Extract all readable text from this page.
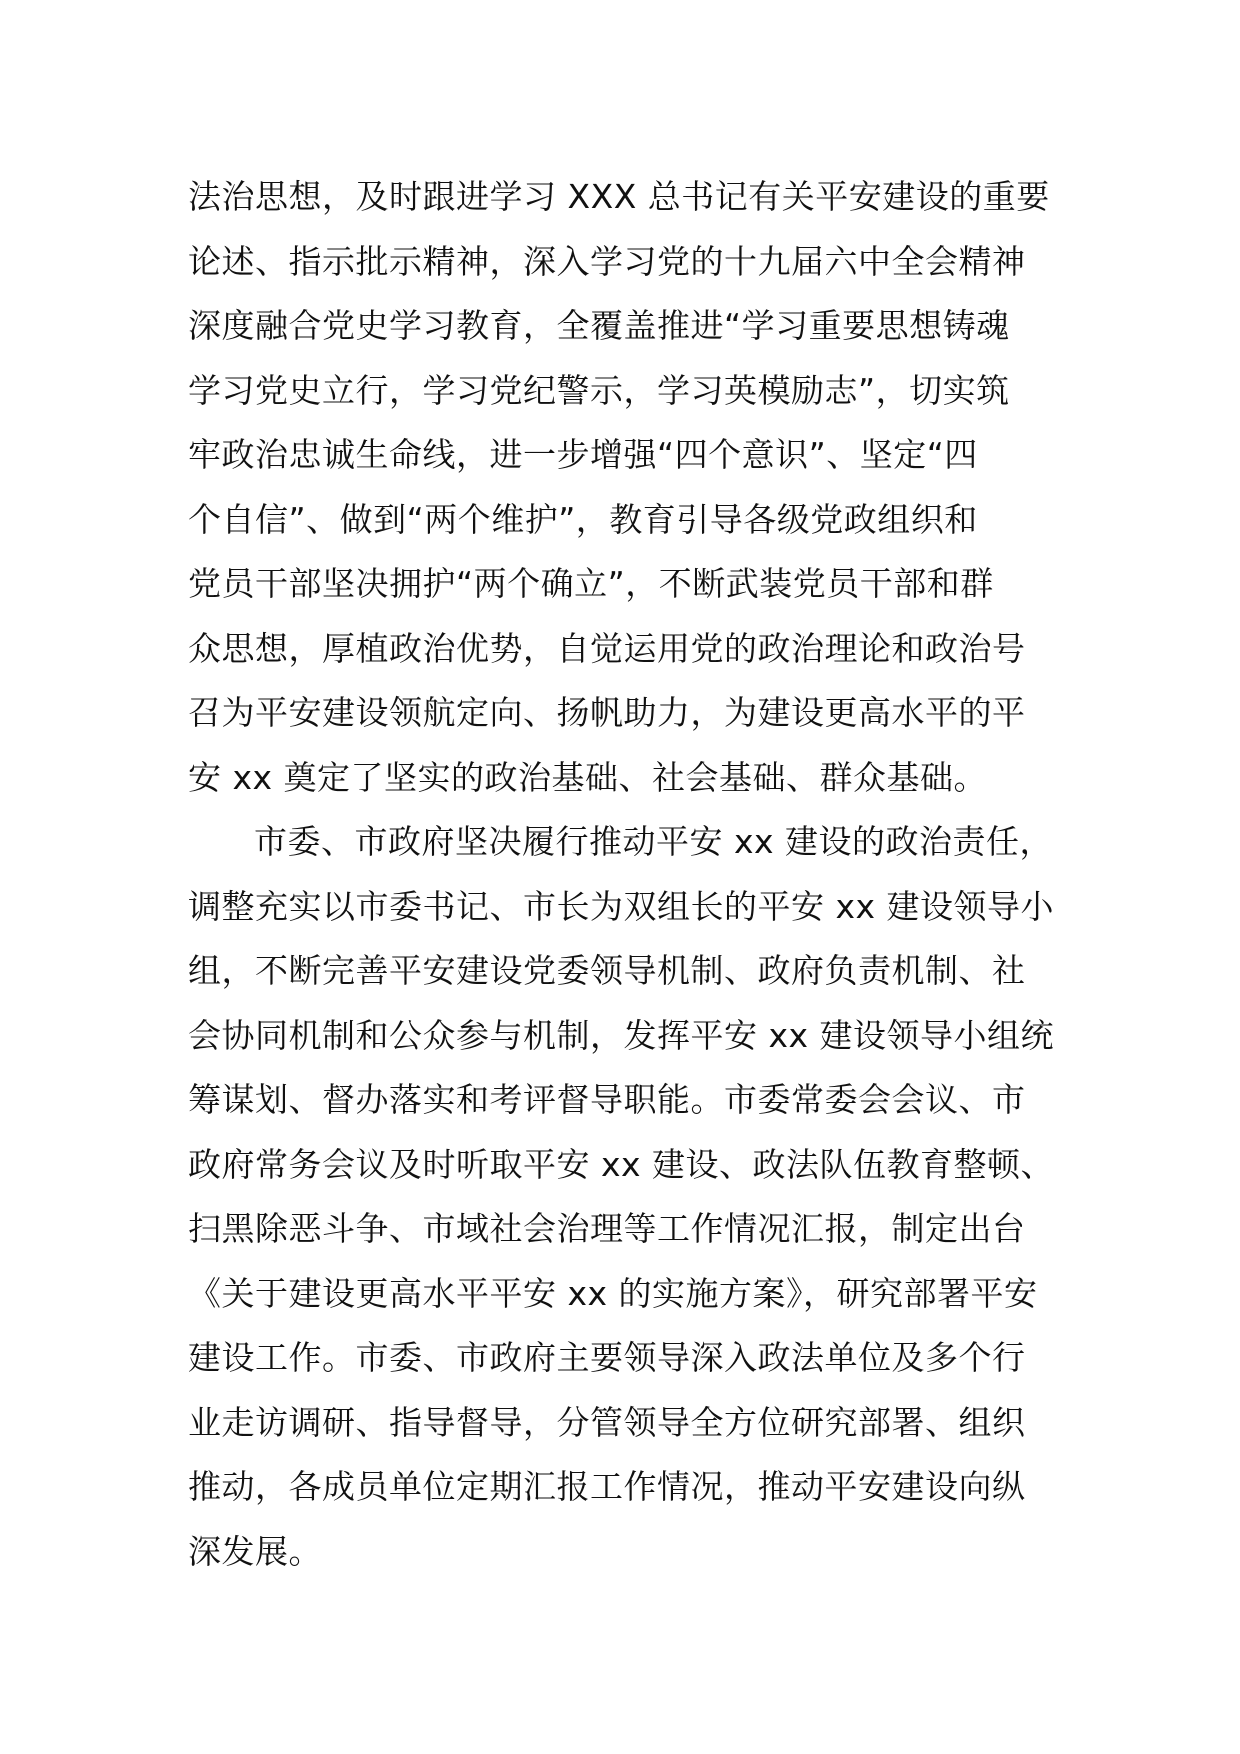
法治思想，及时跟进学习 XXX 总书记有关平安建设的重要
论述、指示批示精神，深入学习党的十九届六中全会精神
深度融合党史学习教育，全覆盖推进“学习重要思想铸魂
学习党史立行，学习党纪警示，学习英模励志”，切实筑
牢政治忠诚生命线，进一步增强“四个意识”、坚定“四
个自信”、做到“两个维护”，教育引导各级党政组织和
党员干部坚决拥护“两个确立”，不断武装党员干部和群
众思想，厚植政治优势，自觉运用党的政治理论和政治号
召为平安建设领航定向、扬帆助力，为建设更高水平的平
安 xx 奠定了坚实的政治基础、社会基础、群众基础。
市委、市政府坚决履行推动平安 xx 建设的政治责任，
调整充实以市委书记、市长为双组长的平安 xx 建设领导小
组，不断完善平安建设党委领导机制、政府负责机制、社
会协同机制和公众参与机制，发挥平安 xx 建设领导小组统
筹谋划、督办落实和考评督导职能。市委常委会会议、市
政府常务会议及时听取平安 xx 建设、政法队伍教育整顿、
扫黑除恶斗争、市域社会治理等工作情况汇报，制定出台
《关于建设更高水平平安 xx 的实施方案》，研究部署平安
建设工作。市委、市政府主要领导深入政法单位及多个行
业走访调研、指导督导，分管领导全方位研究部署、组织
推动，各成员单位定期汇报工作情况，推动平安建设向纵
深发展。
